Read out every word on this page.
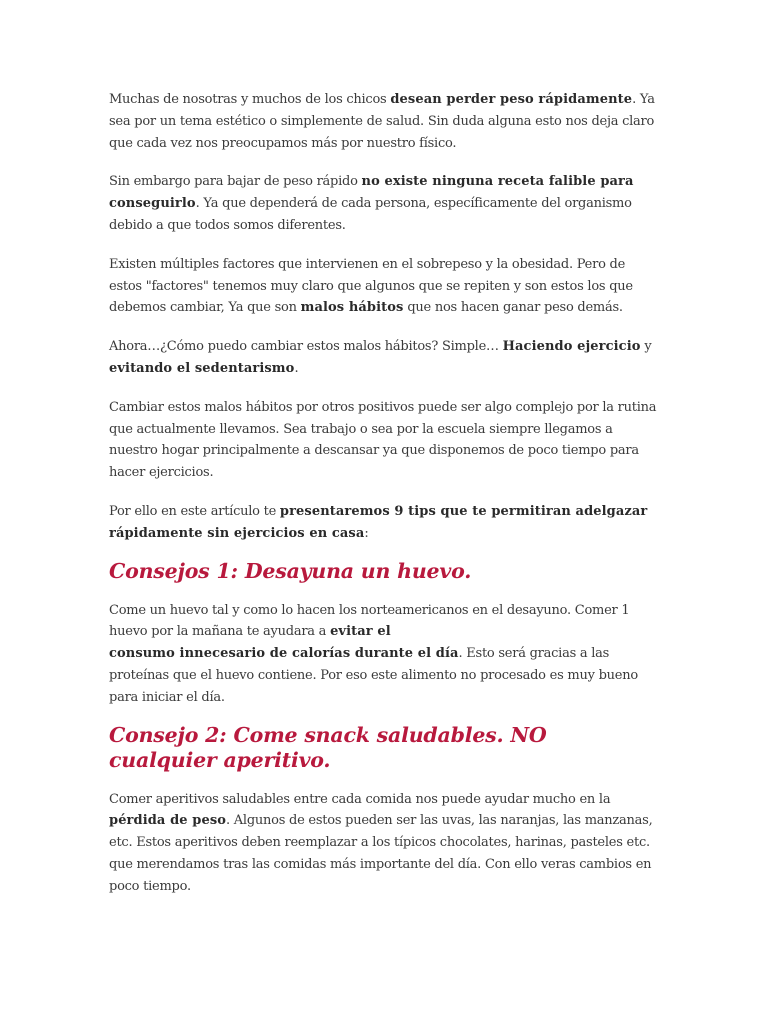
Muchas de nosotras y muchos de los chicos desean perder peso rápidamente. Ya sea por un tema estético o simplemente de salud. Sin duda alguna esto nos deja claro que cada vez nos preocupamos más por nuestro físico.

Sin embargo para bajar de peso rápido no existe ninguna receta falible para conseguirlo. Ya que dependerá de cada persona, específicamente del organismo debido a que todos somos diferentes.

Existen múltiples factores que intervienen en el sobrepeso y la obesidad. Pero de estos "factores" tenemos muy claro que algunos que se repiten y son estos los que debemos cambiar, Ya que son malos hábitos que nos hacen ganar peso demás.

Ahora…¿Cómo puedo cambiar estos malos hábitos? Simple… Haciendo ejercicio y evitando el sedentarismo.

Cambiar estos malos hábitos por otros positivos puede ser algo complejo por la rutina que actualmente llevamos. Sea trabajo o sea por la escuela siempre llegamos a nuestro hogar principalmente a descansar ya que disponemos de poco tiempo para hacer ejercicios.

Por ello en este artículo te presentaremos 9 tips que te permitiran adelgazar rápidamente sin ejercicios en casa:

Consejos 1: Desayuna un huevo.

Come un huevo tal y como lo hacen los norteamericanos en el desayuno. Comer 1 huevo por la mañana te ayudara a evitar el
consumo innecesario de calorías durante el día. Esto será gracias a las proteínas que el huevo contiene. Por eso este alimento no procesado es muy bueno para iniciar el día.

Consejo 2: Come snack saludables. NO cualquier aperitivo.

Comer aperitivos saludables entre cada comida nos puede ayudar mucho en la pérdida de peso. Algunos de estos pueden ser las uvas, las naranjas, las manzanas, etc. Estos aperitivos deben reemplazar a los típicos chocolates, harinas, pasteles etc. que merendamos tras las comidas más importante del día. Con ello veras cambios en poco tiempo.
